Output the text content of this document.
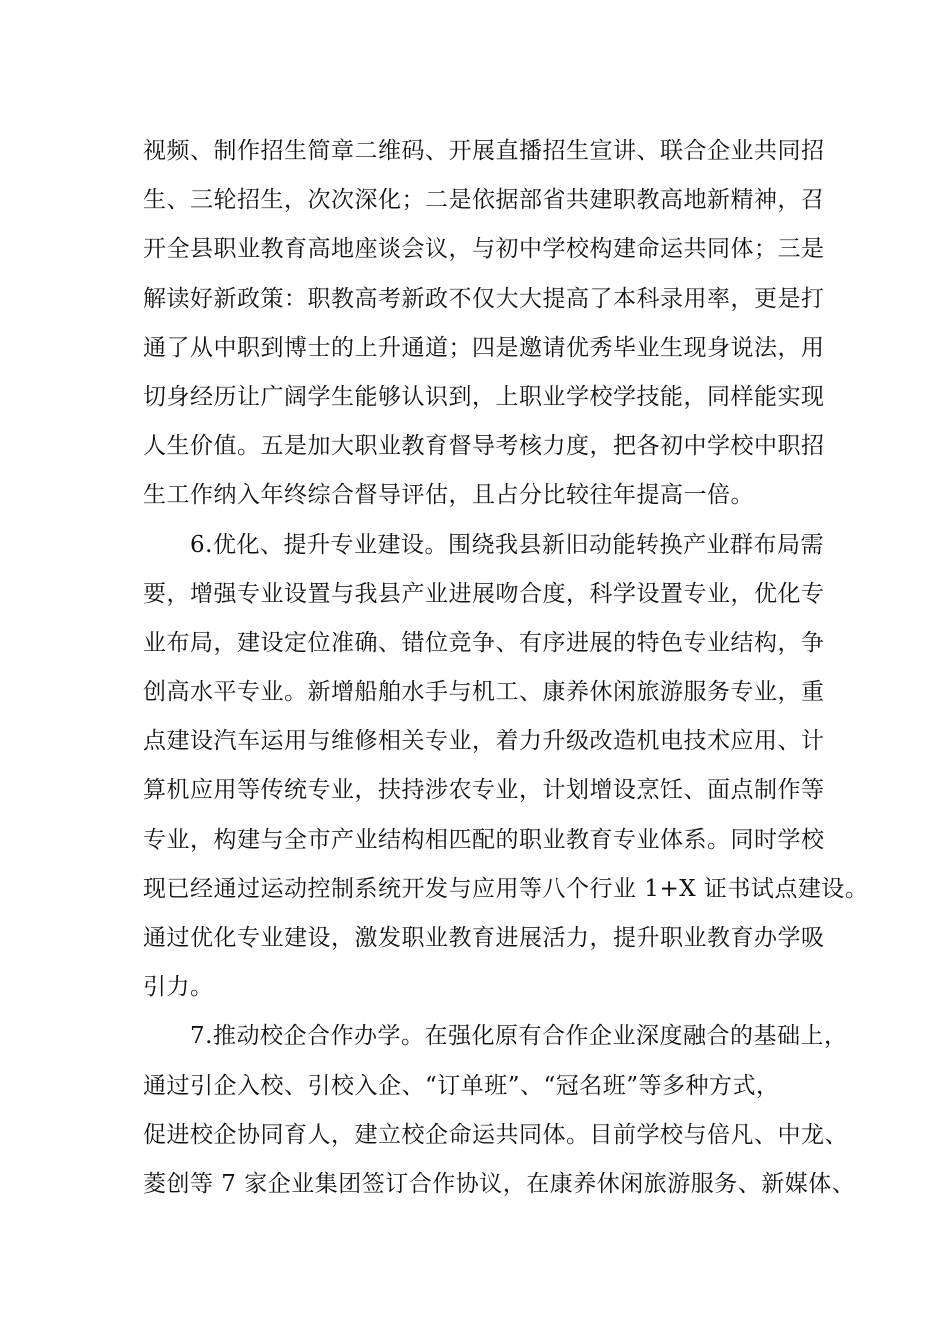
视频、制作招生简章二维码、开展直播招生宣讲、联合企业共同招
生、三轮招生，次次深化；二是依据部省共建职教高地新精神，召
开全县职业教育高地座谈会议，与初中学校构建命运共同体；三是
解读好新政策：职教高考新政不仅大大提高了本科录用率，更是打
通了从中职到博士的上升通道；四是邀请优秀毕业生现身说法，用
切身经历让广阔学生能够认识到，上职业学校学技能，同样能实现
人生价值。五是加大职业教育督导考核力度，把各初中学校中职招
生工作纳入年终综合督导评估，且占分比较往年提高一倍。
6.优化、提升专业建设。围绕我县新旧动能转换产业群布局需
要，增强专业设置与我县产业进展吻合度，科学设置专业，优化专
业布局，建设定位准确、错位竞争、有序进展的特色专业结构，争
创高水平专业。新增船舶水手与机工、康养休闲旅游服务专业，重
点建设汽车运用与维修相关专业，着力升级改造机电技术应用、计
算机应用等传统专业，扶持涉农专业，计划增设烹饪、面点制作等
专业，构建与全市产业结构相匹配的职业教育专业体系。同时学校
现已经通过运动控制系统开发与应用等八个行业 1+X 证书试点建设。
通过优化专业建设，激发职业教育进展活力，提升职业教育办学吸
引力。
7.推动校企合作办学。在强化原有合作企业深度融合的基础上，
通过引企入校、引校入企、“订单班”、“冠名班”等多种方式，
促进校企协同育人，建立校企命运共同体。目前学校与倍凡、中龙、
菱创等 7 家企业集团签订合作协议，在康养休闲旅游服务、新媒体、
